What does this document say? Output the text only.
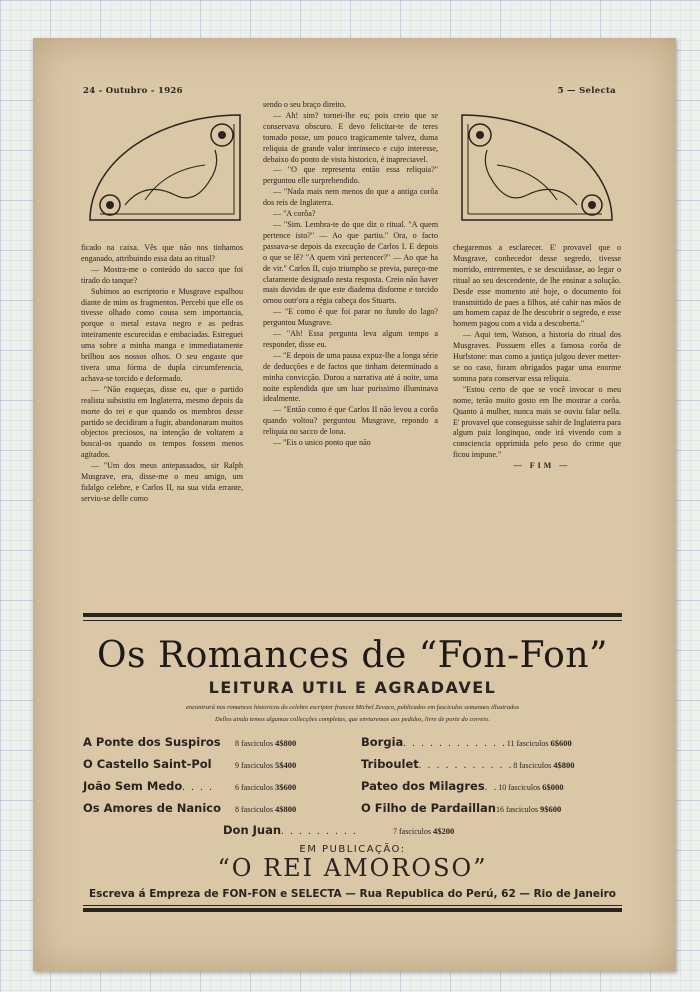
24 - Outubro - 1926	5 — Selecta

ficado na caixa. Vês que não nos tinhamos enganado, attribuindo essa data ao ritual?

— Mostra-me o conteúdo do sacco que foi tirado do tanque?

Subimos ao escriptorio e Musgrave espalhou diante de mim os fragmentos. Percebi que elle os tivesse olhado como cousa sem importancia, porque o metal estava negro e as pedras inteiramente escurecidas e embaciadas. Estreguei uma sobre a minha manga e immediatamente brilhou aos nossos olhos. O seu engaste que tivera uma fórma de dupla circumferencia, achava-se torcido e deformado.

— "Não esqueças, disse eu, que o partido realista subsistiu em Inglaterra, mesmo depois da morte do rei e que quando os membros desse partido se decidiram a fugir, abandonaram muitos objectos preciosos, na intenção de voltarem a buscal-os quando os tempos fossem menos agitados.

— "Um dos meus antepassados, sir Ralph Musgrave, era, disse-me o meu amigo, um fidalgo celebre, e Carlos II, na sua vida errante, serviu-se delle como

sendo o seu braço direito.

— Ah! sim? tornei-lhe eu; pois creio que se conservava obscuro. E devo felicitar-te de teres tomado posse, um pouco tragicamente talvez, duma reliquia de grande valor intrinseco e cujo interesse, debaixo do ponto de vista historico, é inapreciavel.

— "O que representa então essa reliquia?" perguntou elle surprehendido.

— "Nada mais nem menos do que a antiga corôa dos reis de Inglaterra.

— "A corôa?

— "Sim. Lembra-te do que diz o ritual. "A quem pertence isto?" — Ao que partiu." Ora, o facto passava-se depois da execução de Carlos I. E depois o que se lê? "A quem virá pertencer?" — Ao que ha de vir." Carlos II, cujo triumpho se previa, pareço-me claramente designado nesta resposta. Creio não haver mais duvidas de que este diadema disforme e torcido ornou outr'ora a régia cabeça dos Stuarts.

— "E como é que foi parar no fundo do lago? perguntou Musgrave.

— "Ah! Essa pergunta leva algum tempo a responder, disse eu.

— "E depois de uma pausa expuz-lhe a longa série de deducções e de factos que tinham determinado a minha convicção. Durou a narrativa até á noite, uma noite esplendida que um luar purissimo illuminava idealmente.

— "Então como é que Carlos II não levou a corôa quando voltou? perguntou Musgrave, repondo a reliquia no sacco de lona.

— "Eis o unico ponto que não

chegaremos a esclarecer. E' provavel que o Musgrave, conhecedor desse segredo, tivesse morrido, entrementes, e se descuidasse, ao legar o ritual ao seu descendente, de lhe ensinar a solução. Desde esse momento até hoje, o documento foi transmittido de paes a filhos, até cahir nas mãos de um homem capaz de lhe descobrir o segredo, e esse homem pagou com a vida a descoberta."

— Aqui tem, Watson, a historia do ritual dos Musgraves. Possuem elles a famosa corôa de Hurlstone: mas como a justiça julgou dever metter-se no caso, foram obrigados pagar uma enorme somma para conservar essa reliquia.

"Estou certo de que se você invocar o meu nome, terão muito gosto em lhe mostrar a corôa. Quanto á mulher, nunca mais se ouviu falar nella. E' provavel que conseguisse sahir de Inglaterra para algum paiz longinquo, onde irá vivendo com a consciencia opprimida pelo peso do crime que ficou impune."

— FIM —

Os Romances de “Fon-Fon”
LEITURA UTIL E AGRADAVEL
encontrará nos romances historicos do celebre escriptor francez Michel Zevaco, publicados em fasciculos semanaes illustrados
Delles ainda temos algumas collecções completas, que enviaremos aos pedidos, livre de porte do correio.
A Ponte dos Suspiros 8 fasciculos 4$800
O Castello Saint-Pol	9 fasciculos 5$400
João Sem Medo . . . .	6 fasciculos 3$600
Os Amores de Nanico 8 fasciculos 4$800
Borgia . . . . . . . . . . . . 11 fasciculos 6$600
Triboulet . . . . . . . . . . . 8 fasciculos 4$800
Pateo dos Milagres . . 10 fasciculos 6$000
O Filho de Pardaillan 16 fasciculos 9$600
Don Juan . . . . . . . . .	7 fasciculos 4$200
EM PUBLICAÇÃO:
“O REI AMOROSO”
Escreva á Empreza de FON-FON e SELECTA — Rua Republica do Perú, 62 — Rio de Janeiro
